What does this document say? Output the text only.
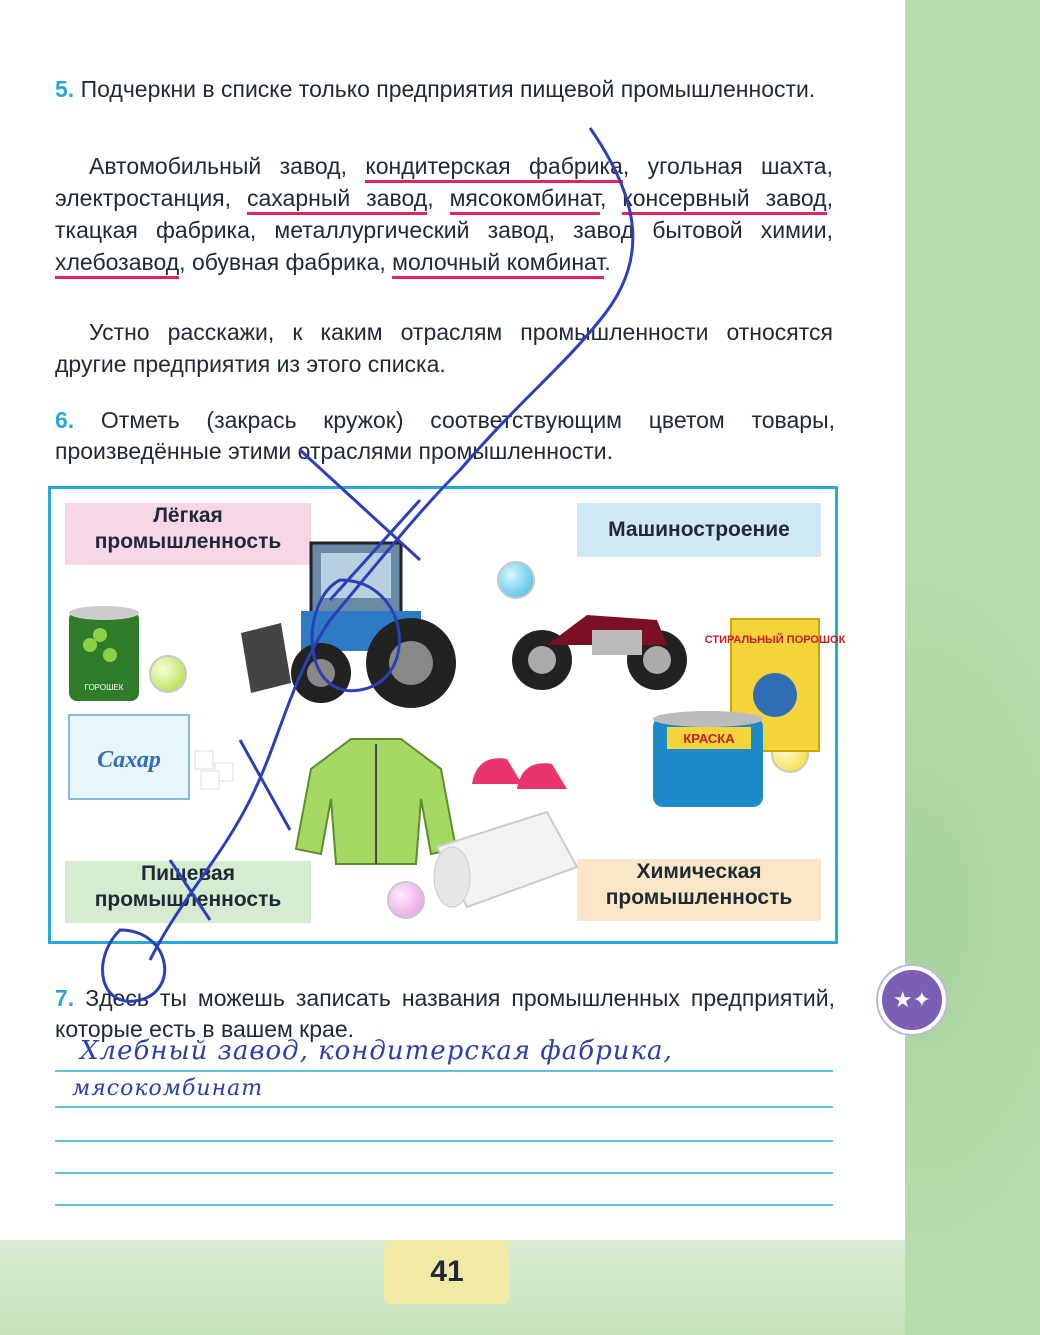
5. Подчеркни в списке только предприятия пищевой промышленности.
Автомобильный завод, кондитерская фабрика, угольная шахта, электростанция, сахарный завод, мясокомбинат, консервный завод, ткацкая фабрика, металлургический завод, завод бытовой химии, хлебозавод, обувная фабрика, молочный комбинат.
Устно расскажи, к каким отраслям промышленности относятся другие предприятия из этого списка.
6. Отметь (закрась кружок) соответствующим цветом товары, произведённые этими отраслями промышленности.
Лёгкая промышленность
Машиностроение
Пищевая промышленность
Химическая промышленность
ГОРОШЕК
Сахар
СТИРАЛЬНЫЙ ПОРОШОК
КРАСКА
7. Здесь ты можешь записать названия промышленных предприятий, которые есть в вашем крае.
Хлебный завод, кондитерская фабрика,
мясокомбинат
★✦
41
